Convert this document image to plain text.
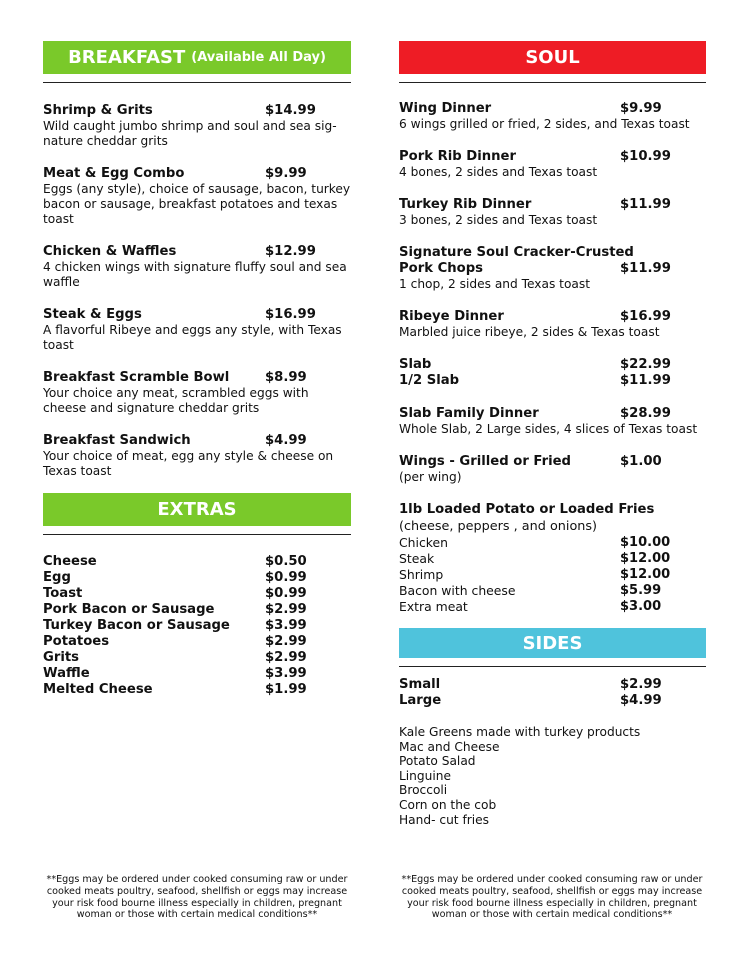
BREAKFAST (Available All Day)
Shrimp & Grits	$14.99
Wild caught jumbo shrimp and soul and sea sig-nature cheddar grits
Meat & Egg Combo	$9.99
Eggs (any style), choice of sausage, bacon, turkey bacon or sausage, breakfast potatoes and texas toast
Chicken & Waffles	$12.99
4 chicken wings with signature fluffy soul and sea waffle
Steak & Eggs	$16.99
A flavorful Ribeye and eggs any style, with Texas toast
Breakfast Scramble Bowl	$8.99
Your choice any meat, scrambled eggs with cheese and signature cheddar grits
Breakfast Sandwich	$4.99
Your choice of meat, egg any style & cheese on Texas toast
EXTRAS
Cheese	$0.50
Egg	$0.99
Toast	$0.99
Pork Bacon or Sausage	$2.99
Turkey Bacon or Sausage	$3.99
Potatoes	$2.99
Grits	$2.99
Waffle	$3.99
Melted Cheese	$1.99
SOUL
Wing Dinner	$9.99
6 wings grilled or fried, 2 sides, and Texas toast
Pork Rib Dinner	$10.99
4 bones, 2 sides and Texas toast
Turkey Rib Dinner	$11.99
3 bones, 2 sides and Texas toast
Signature Soul Cracker-Crusted
Pork Chops	$11.99
1 chop, 2 sides and Texas toast
Ribeye Dinner	$16.99
Marbled juice ribeye, 2 sides & Texas toast
Slab	$22.99
1/2 Slab	$11.99
Slab Family Dinner	$28.99
Whole Slab, 2 Large sides, 4 slices of Texas toast
Wings - Grilled or Fried	$1.00
(per wing)
1lb Loaded Potato or Loaded Fries
(cheese, peppers , and onions)
Chicken	$10.00
Steak	$12.00
Shrimp	$12.00
Bacon with cheese	$5.99
Extra meat	$3.00
SIDES
Small	$2.99
Large	$4.99
Kale Greens made with turkey products
Mac and Cheese
Potato Salad
Linguine
Broccoli
Corn on the cob
Hand- cut fries
**Eggs may be ordered under cooked consuming raw or under
cooked meats poultry, seafood, shellfish or eggs may increase
your risk food bourne illness especially in children, pregnant
woman or those with certain medical conditions**
**Eggs may be ordered under cooked consuming raw or under
cooked meats poultry, seafood, shellfish or eggs may increase
your risk food bourne illness especially in children, pregnant
woman or those with certain medical conditions**
